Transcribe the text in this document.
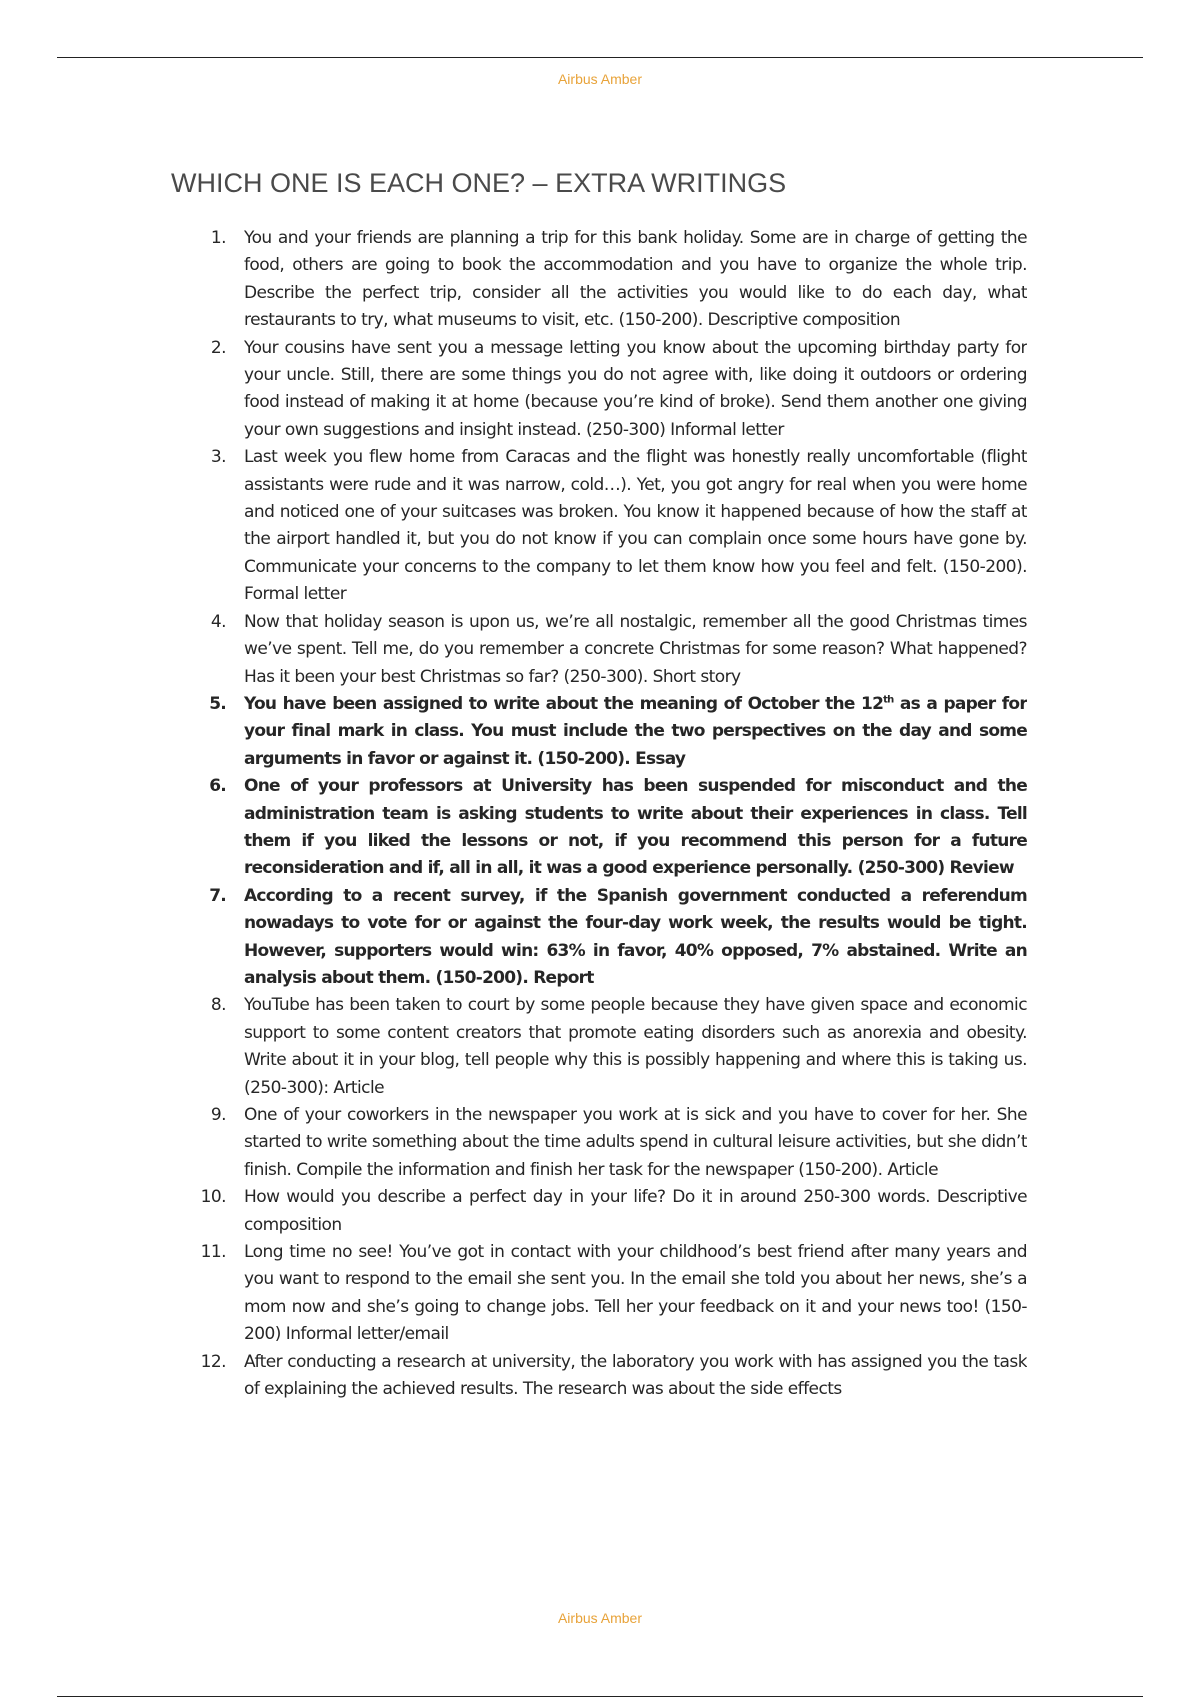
Airbus Amber
WHICH ONE IS EACH ONE? – EXTRA WRITINGS
1. You and your friends are planning a trip for this bank holiday. Some are in charge of getting the food, others are going to book the accommodation and you have to organize the whole trip. Describe the perfect trip, consider all the activities you would like to do each day, what restaurants to try, what museums to visit, etc. (150-200). Descriptive composition
2. Your cousins have sent you a message letting you know about the upcoming birthday party for your uncle. Still, there are some things you do not agree with, like doing it outdoors or ordering food instead of making it at home (because you’re kind of broke). Send them another one giving your own suggestions and insight instead. (250-300) Informal letter
3. Last week you flew home from Caracas and the flight was honestly really uncomfortable (flight assistants were rude and it was narrow, cold…). Yet, you got angry for real when you were home and noticed one of your suitcases was broken. You know it happened because of how the staff at the airport handled it, but you do not know if you can complain once some hours have gone by. Communicate your concerns to the company to let them know how you feel and felt. (150-200). Formal letter
4. Now that holiday season is upon us, we’re all nostalgic, remember all the good Christmas times we’ve spent. Tell me, do you remember a concrete Christmas for some reason? What happened? Has it been your best Christmas so far? (250-300). Short story
5. You have been assigned to write about the meaning of October the 12th as a paper for your final mark in class. You must include the two perspectives on the day and some arguments in favor or against it. (150-200). Essay
6. One of your professors at University has been suspended for misconduct and the administration team is asking students to write about their experiences in class. Tell them if you liked the lessons or not, if you recommend this person for a future reconsideration and if, all in all, it was a good experience personally. (250-300) Review
7. According to a recent survey, if the Spanish government conducted a referendum nowadays to vote for or against the four-day work week, the results would be tight. However, supporters would win: 63% in favor, 40% opposed, 7% abstained. Write an analysis about them. (150-200). Report
8. YouTube has been taken to court by some people because they have given space and economic support to some content creators that promote eating disorders such as anorexia and obesity. Write about it in your blog, tell people why this is possibly happening and where this is taking us. (250-300): Article
9. One of your coworkers in the newspaper you work at is sick and you have to cover for her. She started to write something about the time adults spend in cultural leisure activities, but she didn’t finish. Compile the information and finish her task for the newspaper (150-200). Article
10. How would you describe a perfect day in your life? Do it in around 250-300 words. Descriptive composition
11. Long time no see! You’ve got in contact with your childhood’s best friend after many years and you want to respond to the email she sent you. In the email she told you about her news, she’s a mom now and she’s going to change jobs. Tell her your feedback on it and your news too! (150-200) Informal letter/email
12. After conducting a research at university, the laboratory you work with has assigned you the task of explaining the achieved results. The research was about the side effects
Airbus Amber
